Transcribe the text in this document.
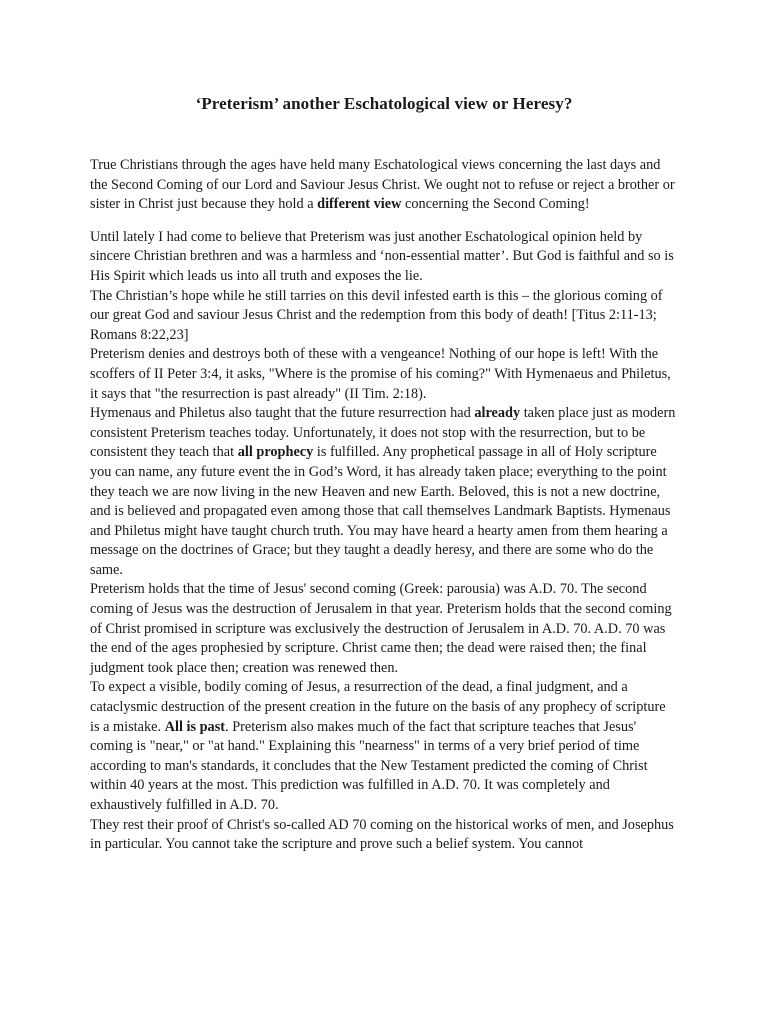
‘Preterism’ another Eschatological view or Heresy?

True Christians through the ages have held many Eschatological views concerning the last days and the Second Coming of our Lord and Saviour Jesus Christ. We ought not to refuse or reject a brother or sister in Christ just because they hold a different view concerning the Second Coming!

Until lately I had come to believe that Preterism was just another Eschatological opinion held by sincere Christian brethren and was a harmless and ‘non-essential matter’. But God is faithful and so is His Spirit which leads us into all truth and exposes the lie.

The Christian’s hope while he still tarries on this devil infested earth is this – the glorious coming of our great God and saviour Jesus Christ and the redemption from this body of death! [Titus 2:11-13; Romans 8:22,23]

Preterism denies and destroys both of these with a vengeance! Nothing of our hope is left! With the scoffers of II Peter 3:4, it asks, "Where is the promise of his coming?" With Hymenaeus and Philetus, it says that "the resurrection is past already" (II Tim. 2:18).

Hymenaus and Philetus also taught that the future resurrection had already taken place just as modern consistent Preterism teaches today. Unfortunately, it does not stop with the resurrection, but to be consistent they teach that all prophecy is fulfilled. Any prophetical passage in all of Holy scripture you can name, any future event the in God’s Word, it has already taken place; everything to the point they teach we are now living in the new Heaven and new Earth. Beloved, this is not a new doctrine, and is believed and propagated even among those that call themselves Landmark Baptists. Hymenaus and Philetus might have taught church truth. You may have heard a hearty amen from them hearing a message on the doctrines of Grace; but they taught a deadly heresy, and there are some who do the same.

Preterism holds that the time of Jesus' second coming (Greek: parousia) was A.D. 70. The second coming of Jesus was the destruction of Jerusalem in that year. Preterism holds that the second coming of Christ promised in scripture was exclusively the destruction of Jerusalem in A.D. 70. A.D. 70 was the end of the ages prophesied by scripture. Christ came then; the dead were raised then; the final judgment took place then; creation was renewed then.

To expect a visible, bodily coming of Jesus, a resurrection of the dead, a final judgment, and a cataclysmic destruction of the present creation in the future on the basis of any prophecy of scripture is a mistake. All is past. Preterism also makes much of the fact that scripture teaches that Jesus' coming is "near," or "at hand." Explaining this "nearness" in terms of a very brief period of time according to man's standards, it concludes that the New Testament predicted the coming of Christ within 40 years at the most. This prediction was fulfilled in A.D. 70. It was completely and exhaustively fulfilled in A.D. 70.

They rest their proof of Christ's so-called AD 70 coming on the historical works of men, and Josephus in particular. You cannot take the scripture and prove such a belief system. You cannot
